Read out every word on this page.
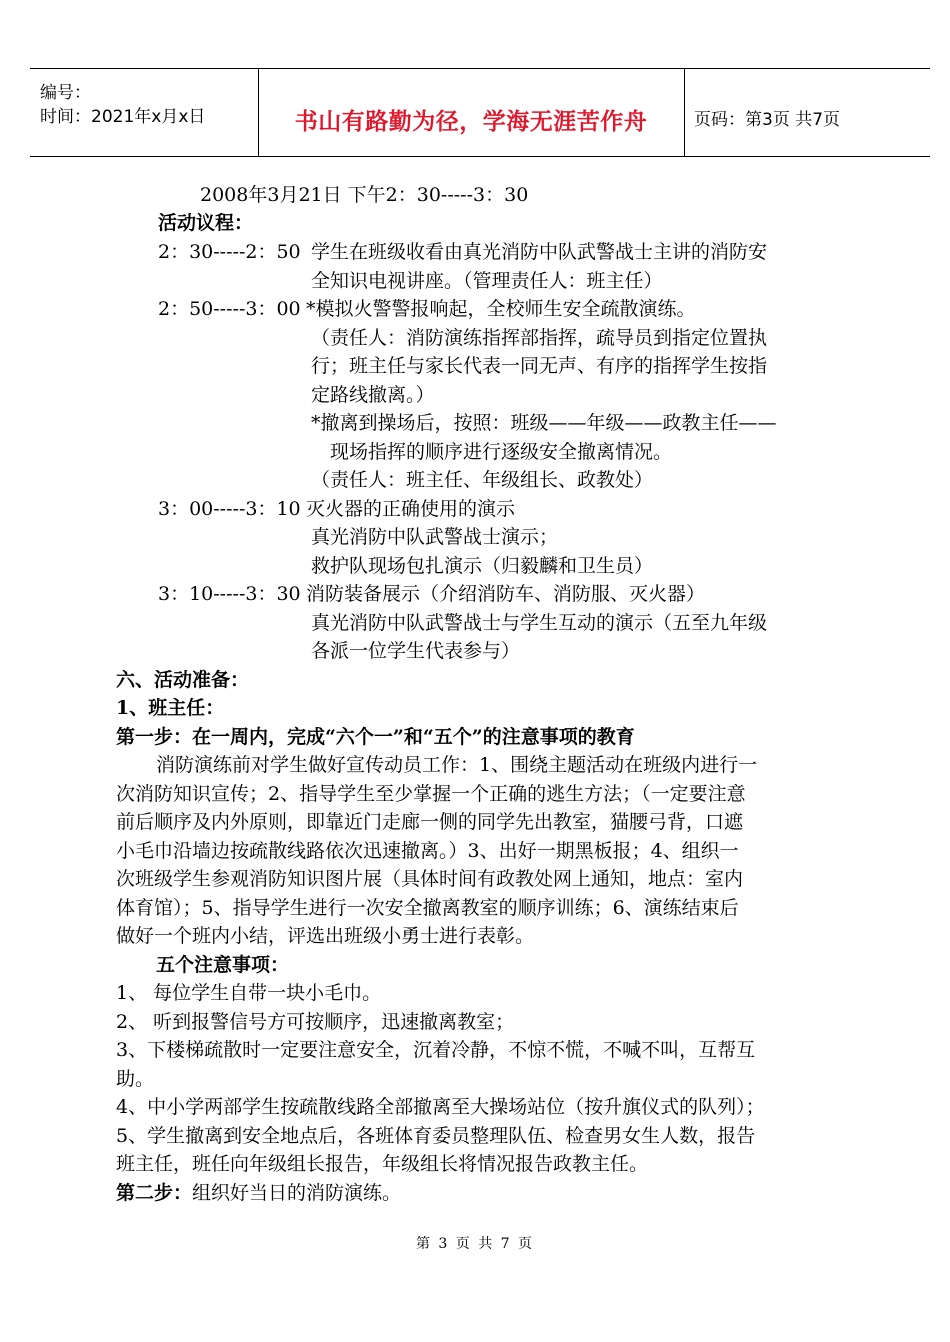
编号：
时间：2021年x月x日	书山有路勤为径，学海无涯苦作舟	页码：第3页 共7页
2008年3月21日 下午2：30-----3：30
活动议程：
2：30-----2：50 学生在班级收看由真光消防中队武警战士主讲的消防安
全知识电视讲座。（管理责任人：班主任）
2：50-----3：00 *模拟火警警报响起，全校师生安全疏散演练。
（责任人：消防演练指挥部指挥，疏导员到指定位置执
行；班主任与家长代表一同无声、有序的指挥学生按指
定路线撤离。）
*撤离到操场后，按照：班级——年级——政教主任——
现场指挥的顺序进行逐级安全撤离情况。
（责任人：班主任、年级组长、政教处）
3：00-----3：10 灭火器的正确使用的演示
真光消防中队武警战士演示；
救护队现场包扎演示（归毅麟和卫生员）
3：10-----3：30 消防装备展示（介绍消防车、消防服、灭火器）
真光消防中队武警战士与学生互动的演示（五至九年级
各派一位学生代表参与）
六、活动准备：
1、班主任：
第一步：在一周内，完成“六个一”和“五个”的注意事项的教育
消防演练前对学生做好宣传动员工作：1、围绕主题活动在班级内进行一
次消防知识宣传；2、指导学生至少掌握一个正确的逃生方法；（一定要注意
前后顺序及内外原则，即靠近门走廊一侧的同学先出教室，猫腰弓背，口遮
小毛巾沿墙边按疏散线路依次迅速撤离。）3、出好一期黑板报；4、组织一
次班级学生参观消防知识图片展（具体时间有政教处网上通知，地点：室内
体育馆）；5、指导学生进行一次安全撤离教室的顺序训练；6、演练结束后
做好一个班内小结，评选出班级小勇士进行表彰。
五个注意事项：
1、 每位学生自带一块小毛巾。
2、 听到报警信号方可按顺序，迅速撤离教室；
3、下楼梯疏散时一定要注意安全，沉着冷静，不惊不慌，不喊不叫，互帮互
助。
4、中小学两部学生按疏散线路全部撤离至大操场站位（按升旗仪式的队列）；
5、学生撤离到安全地点后，各班体育委员整理队伍、检查男女生人数，报告
班主任，班任向年级组长报告，年级组长将情况报告政教主任。
第二步：组织好当日的消防演练。
第 3 页 共 7 页
